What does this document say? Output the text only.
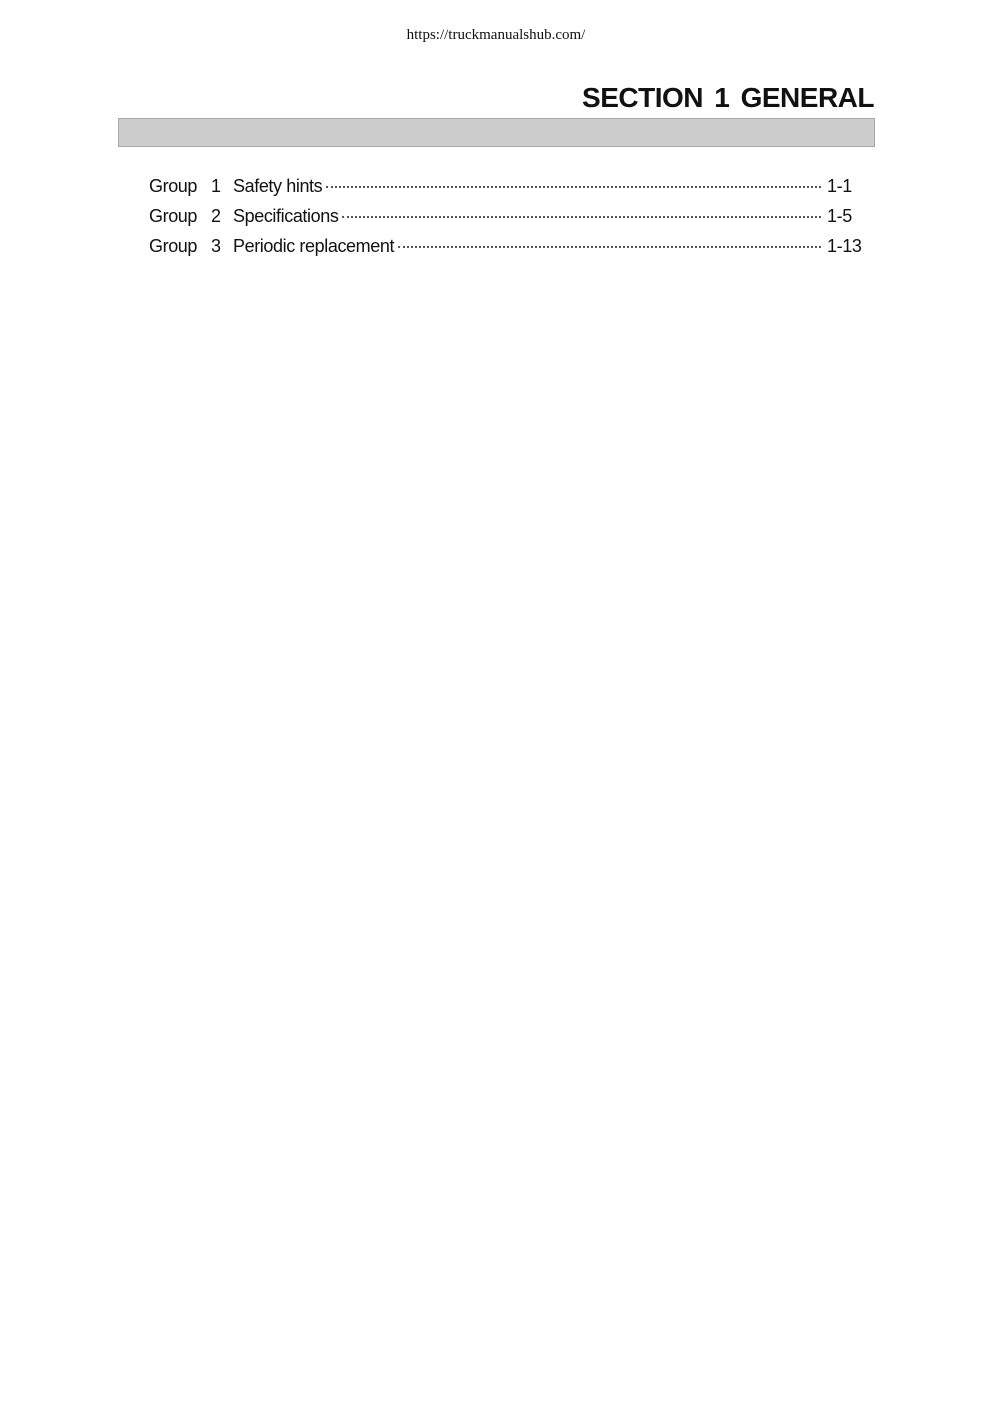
https://truckmanualshub.com/
SECTION 1 GENERAL
Group 1 Safety hints	1-1
Group 2 Specifications	1-5
Group 3 Periodic replacement	1-13
